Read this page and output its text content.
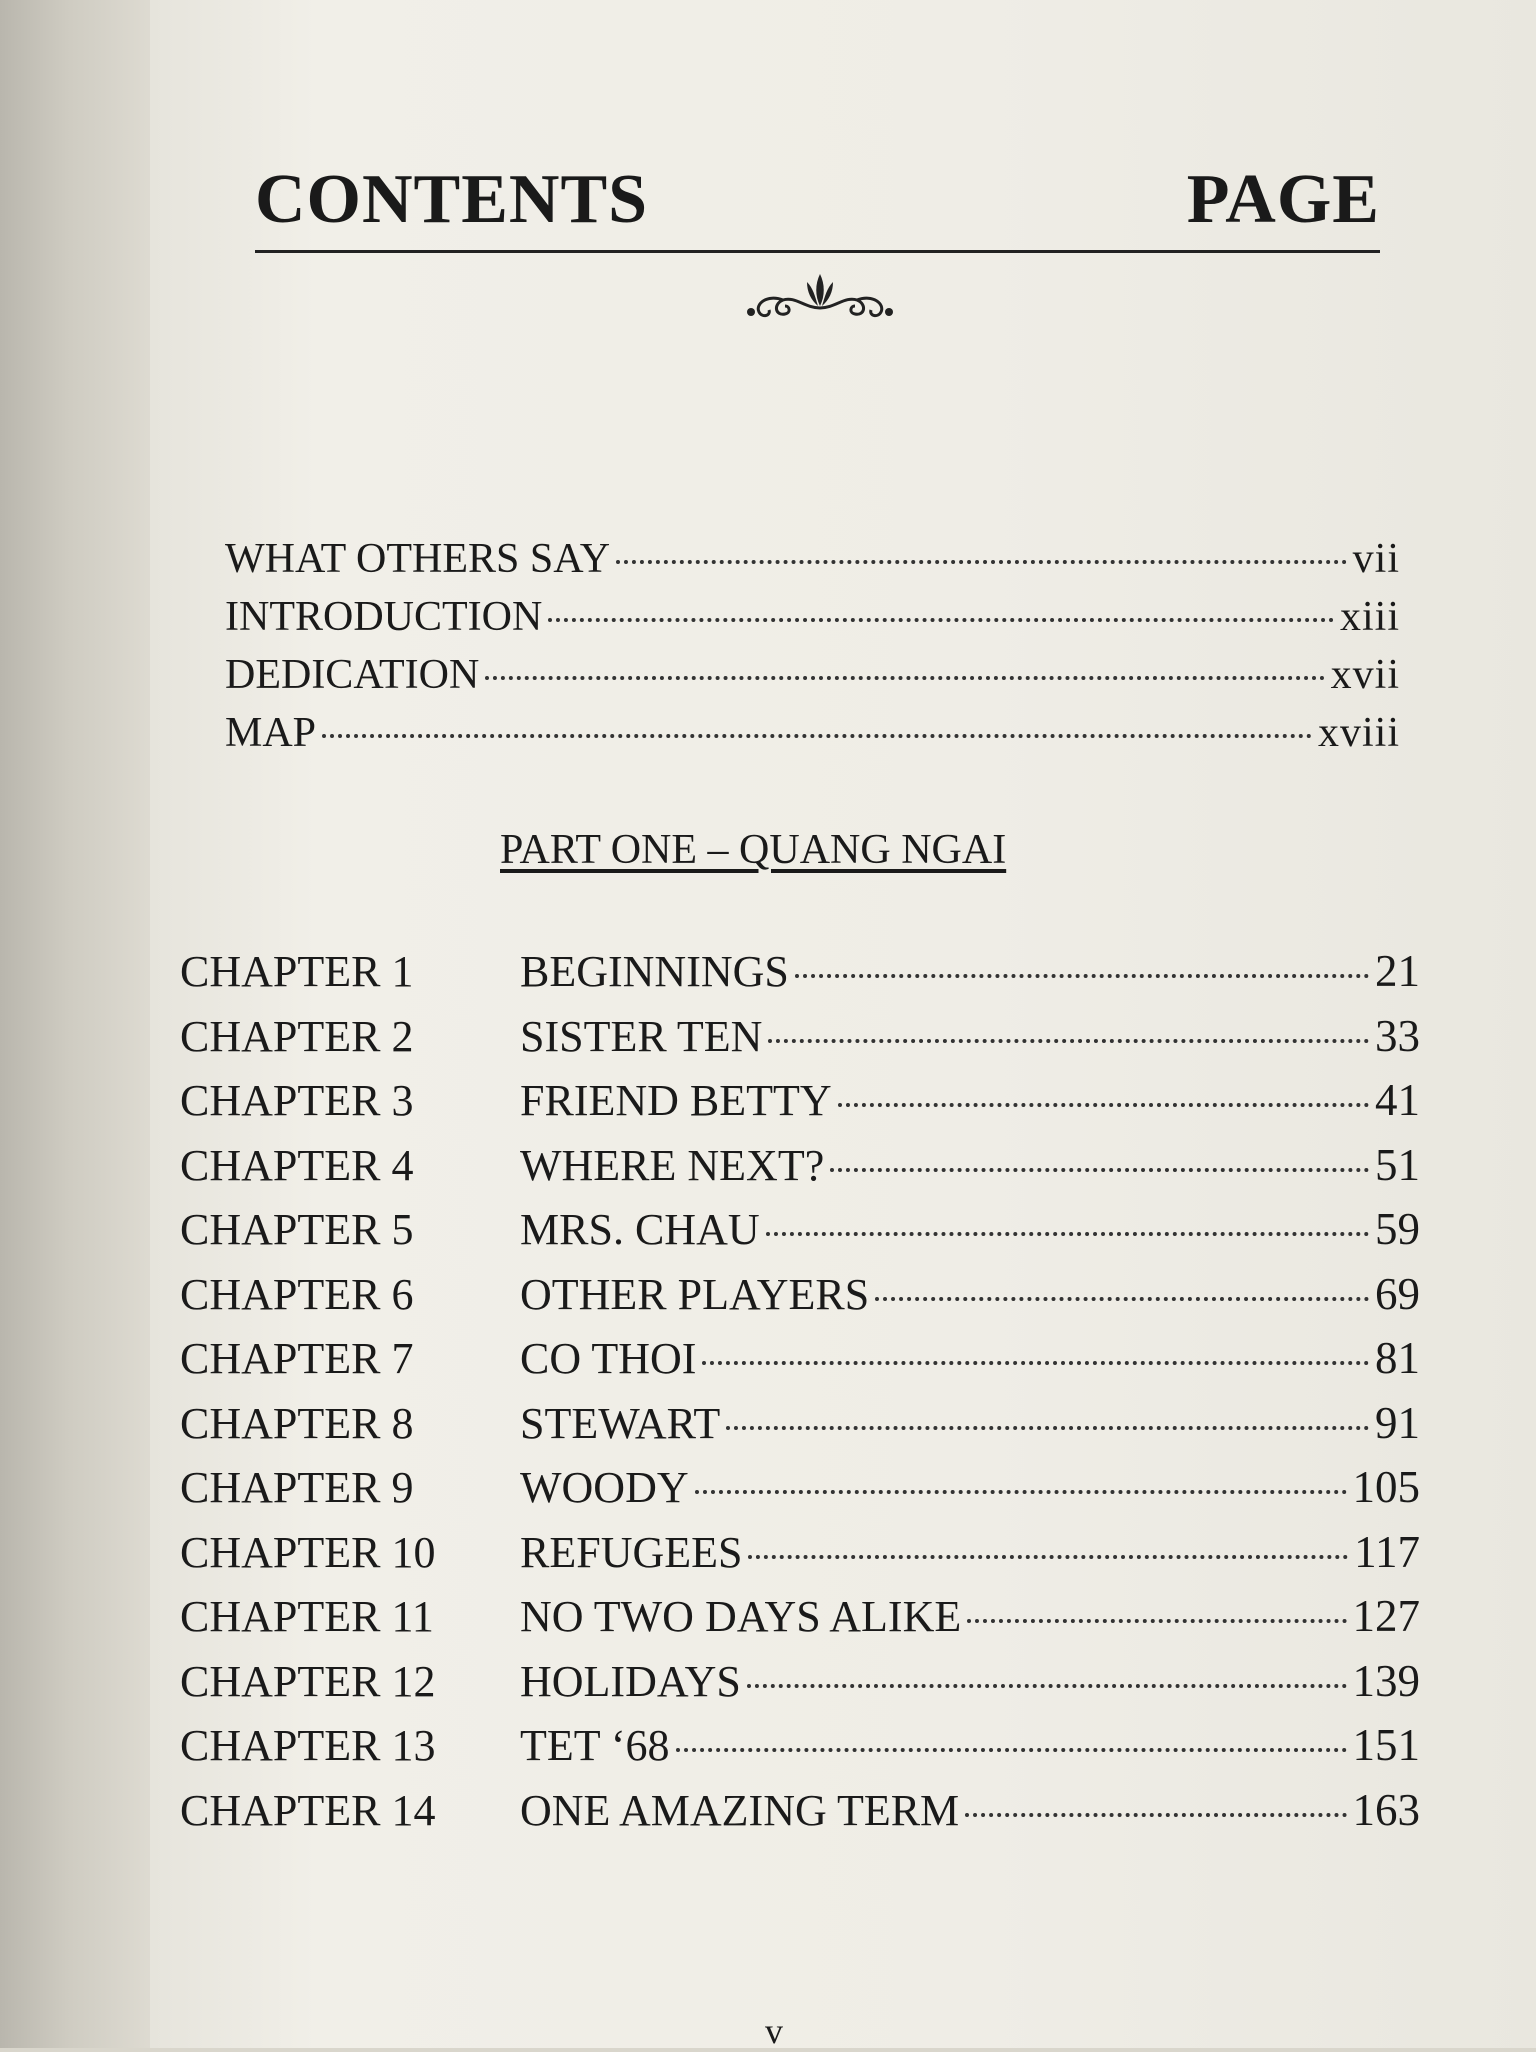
CONTENTS	PAGE
WHAT OTHERS SAY	vii
INTRODUCTION	xiii
DEDICATION	xvii
MAP	xviii
PART ONE – QUANG NGAI
CHAPTER 1	BEGINNINGS	21
CHAPTER 2	SISTER TEN	33
CHAPTER 3	FRIEND BETTY	41
CHAPTER 4	WHERE NEXT?	51
CHAPTER 5	MRS. CHAU	59
CHAPTER 6	OTHER PLAYERS	69
CHAPTER 7	CO THOI	81
CHAPTER 8	STEWART	91
CHAPTER 9	WOODY	105
CHAPTER 10	REFUGEES	117
CHAPTER 11	NO TWO DAYS ALIKE	127
CHAPTER 12	HOLIDAYS	139
CHAPTER 13	TET ‘68	151
CHAPTER 14	ONE AMAZING TERM	163
v
